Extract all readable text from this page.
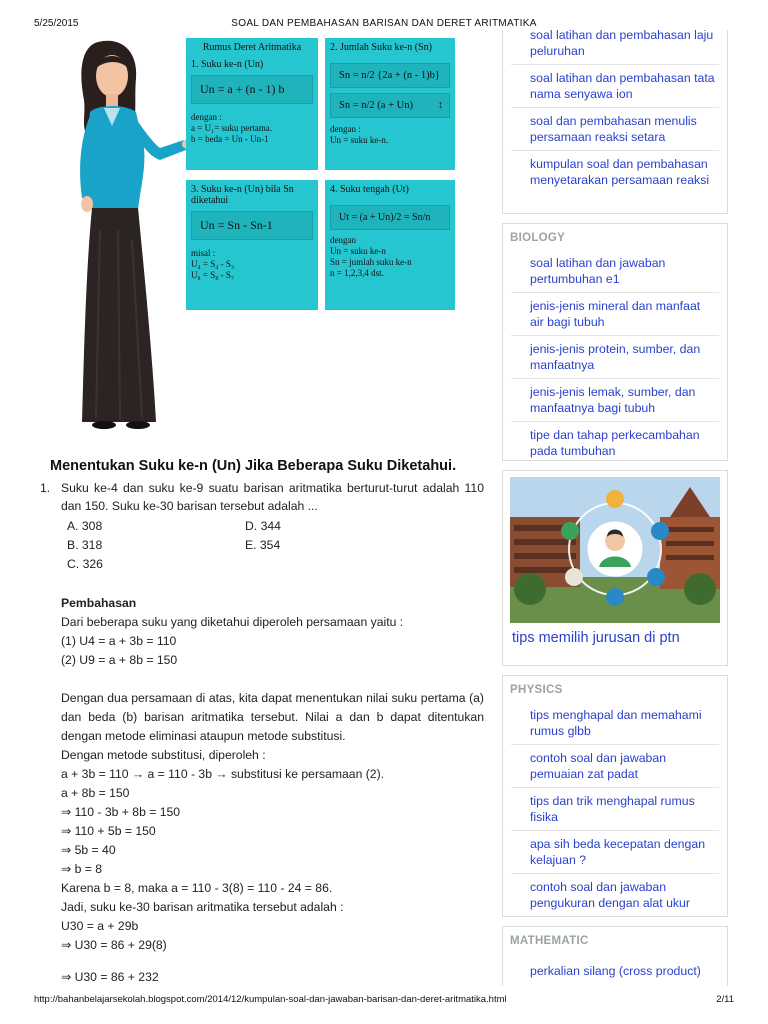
5/25/2015	SOAL DAN PEMBAHASAN BARISAN DAN DERET ARITMATIKA
Rumus Deret Aritmatika
1. Suku ke-n (Un)
Un = a + (n - 1) b
dengan :
a = U₁= suku pertama.
b = beda = Un - Un-1
2. Jumlah Suku ke-n (Sn)
Sn = n/2 {2a + (n - 1)b}
Sn = n/2 (a + Un) ↕
dengan :
Un = suku ke-n.
3. Suku ke-n (Un) bila Sn diketahui
Un = Sn - Sn-1
misal :
U₄ = S₄ - S₃
U₈ = S₈ - S₇
4. Suku tengah (Ut)
Ut = (a + Un)/2 = Sn/n
dengan
Un = suku ke-n
Sn = jumlah suku ke-n
n = 1,2,3,4 dst.
Menentukan Suku ke-n (Un) Jika Beberapa Suku Diketahui.
1. Suku ke-4 dan suku ke-9 suatu barisan aritmatika berturut-turut adalah 110 dan 150. Suku ke-30 barisan tersebut adalah ...
A. 308	D. 344
B. 318	E. 354
C. 326
Pembahasan
Dari beberapa suku yang diketahui diperoleh persamaan yaitu :
(1) U4 = a + 3b = 110
(2) U9 = a + 8b = 150
Dengan dua persamaan di atas, kita dapat menentukan nilai suku pertama (a) dan beda (b) barisan aritmatika tersebut. Nilai a dan b dapat ditentukan dengan metode eliminasi ataupun metode substitusi.
Dengan metode substitusi, diperoleh :
a + 3b = 110 → a = 110 - 3b → substitusi ke persamaan (2).
a + 8b = 150
⇒ 110 - 3b + 8b = 150
⇒ 110 + 5b = 150
⇒ 5b = 40
⇒ b = 8
Karena b = 8, maka a = 110 - 3(8) = 110 - 24 = 86.
Jadi, suku ke-30 barisan aritmatika tersebut adalah :
U30 = a + 29b
⇒ U30 = 86 + 29(8)
⇒ U30 = 86 + 232
soal latihan dan pembahasan laju peluruhan
soal latihan dan pembahasan tata nama senyawa ion
soal dan pembahasan menulis persamaan reaksi setara
kumpulan soal dan pembahasan menyetarakan persamaan reaksi
BIOLOGY
soal latihan dan jawaban pertumbuhan e1
jenis-jenis mineral dan manfaat air bagi tubuh
jenis-jenis protein, sumber, dan manfaatnya
jenis-jenis lemak, sumber, dan manfaatnya bagi tubuh
tipe dan tahap perkecambahan pada tumbuhan
tips memilih jurusan di ptn
PHYSICS
tips menghapal dan memahami rumus glbb
contoh soal dan jawaban pemuaian zat padat
tips dan trik menghapal rumus fisika
apa sih beda kecepatan dengan kelajuan ?
contoh soal dan jawaban pengukuran dengan alat ukur
MATHEMATIC
perkalian silang (cross product)
http://bahanbelajarsekolah.blogspot.com/2014/12/kumpulan-soal-dan-jawaban-barisan-dan-deret-aritmatika.html	2/11
